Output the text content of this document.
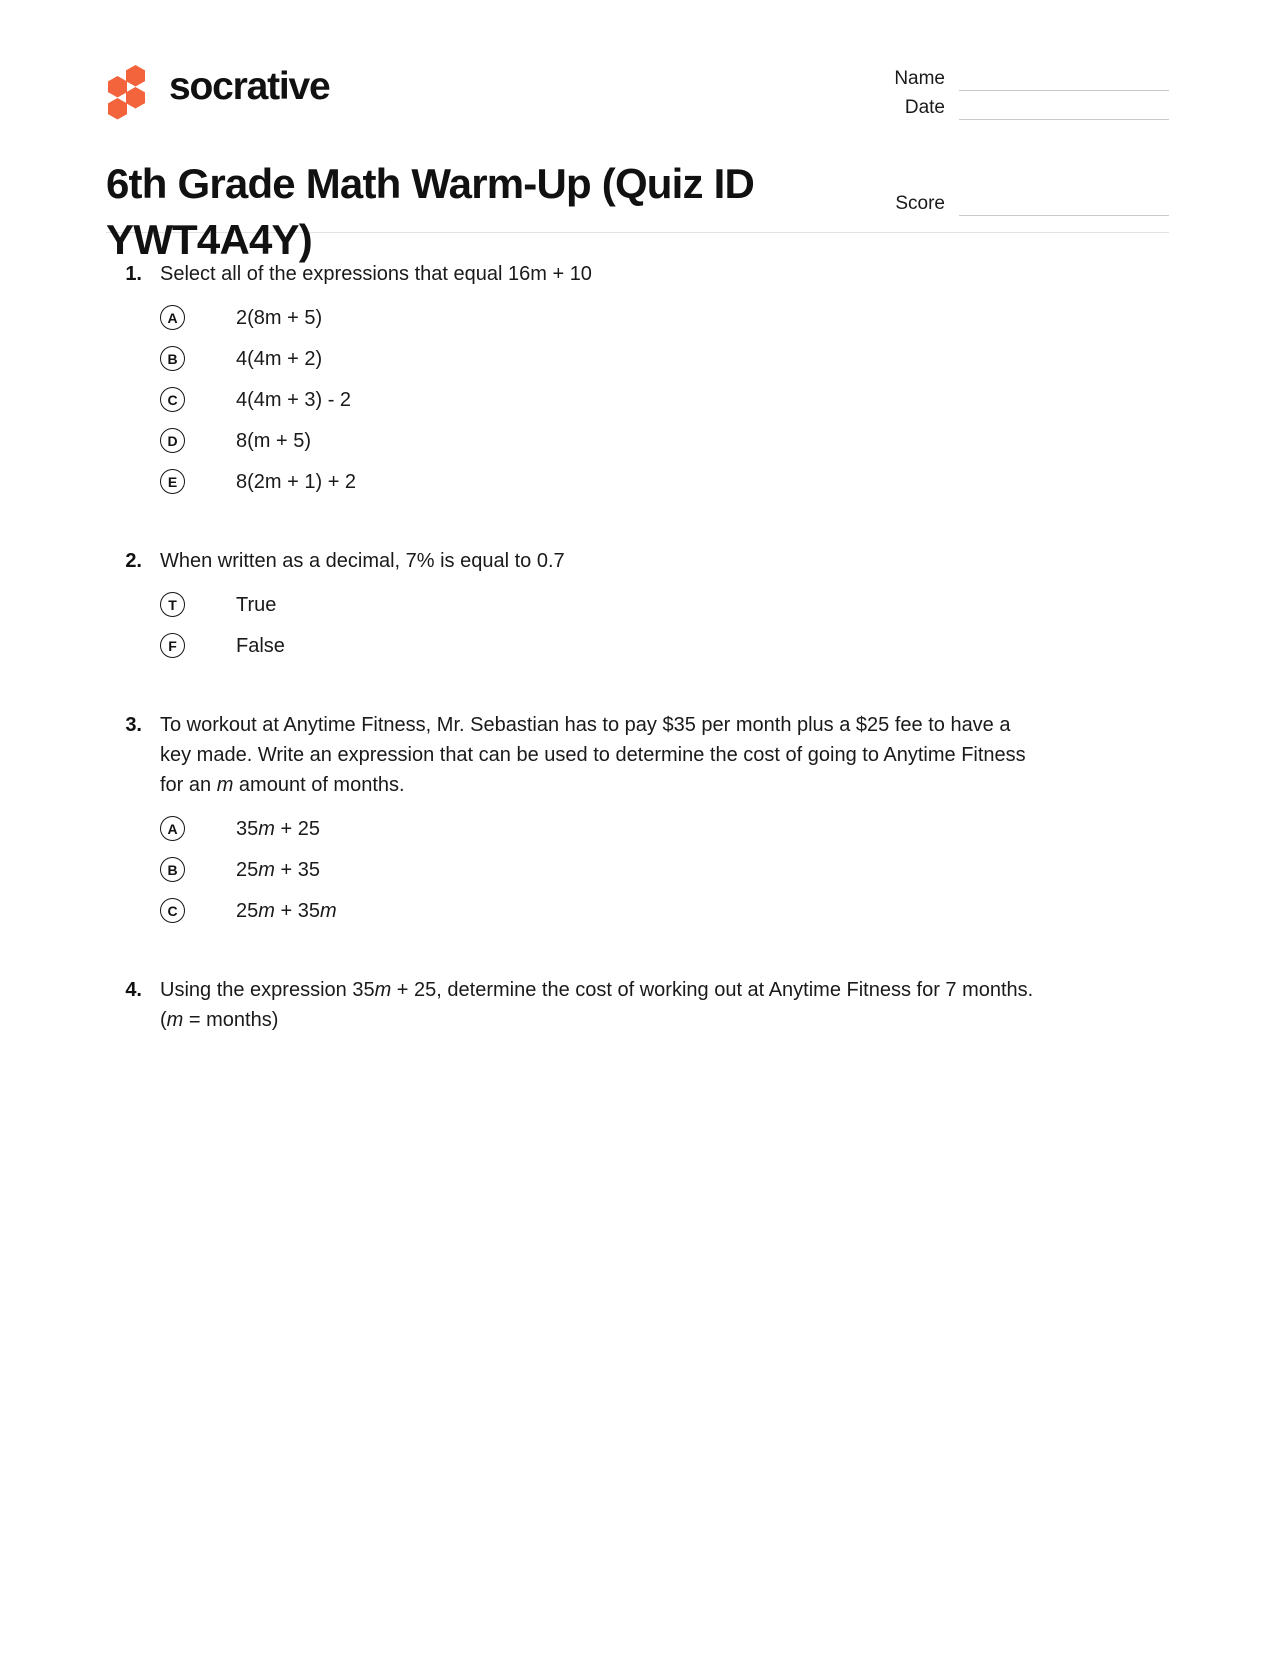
socrative	Name
Date
Score
6th Grade Math Warm-Up (Quiz ID YWT4A4Y)
1. Select all of the expressions that equal 16m + 10
A	2(8m + 5)
B	4(4m + 2)
C	4(4m + 3) - 2
D	8(m + 5)
E	8(2m + 1) + 2
2. When written as a decimal, 7% is equal to 0.7
T	True
F	False
3. To workout at Anytime Fitness, Mr. Sebastian has to pay $35 per month plus a $25 fee to have a key made. Write an expression that can be used to determine the cost of going to Anytime Fitness for an m amount of months.
A	35m + 25
B	25m + 35
C	25m + 35m
4. Using the expression 35m + 25, determine the cost of working out at Anytime Fitness for 7 months. (m = months)
